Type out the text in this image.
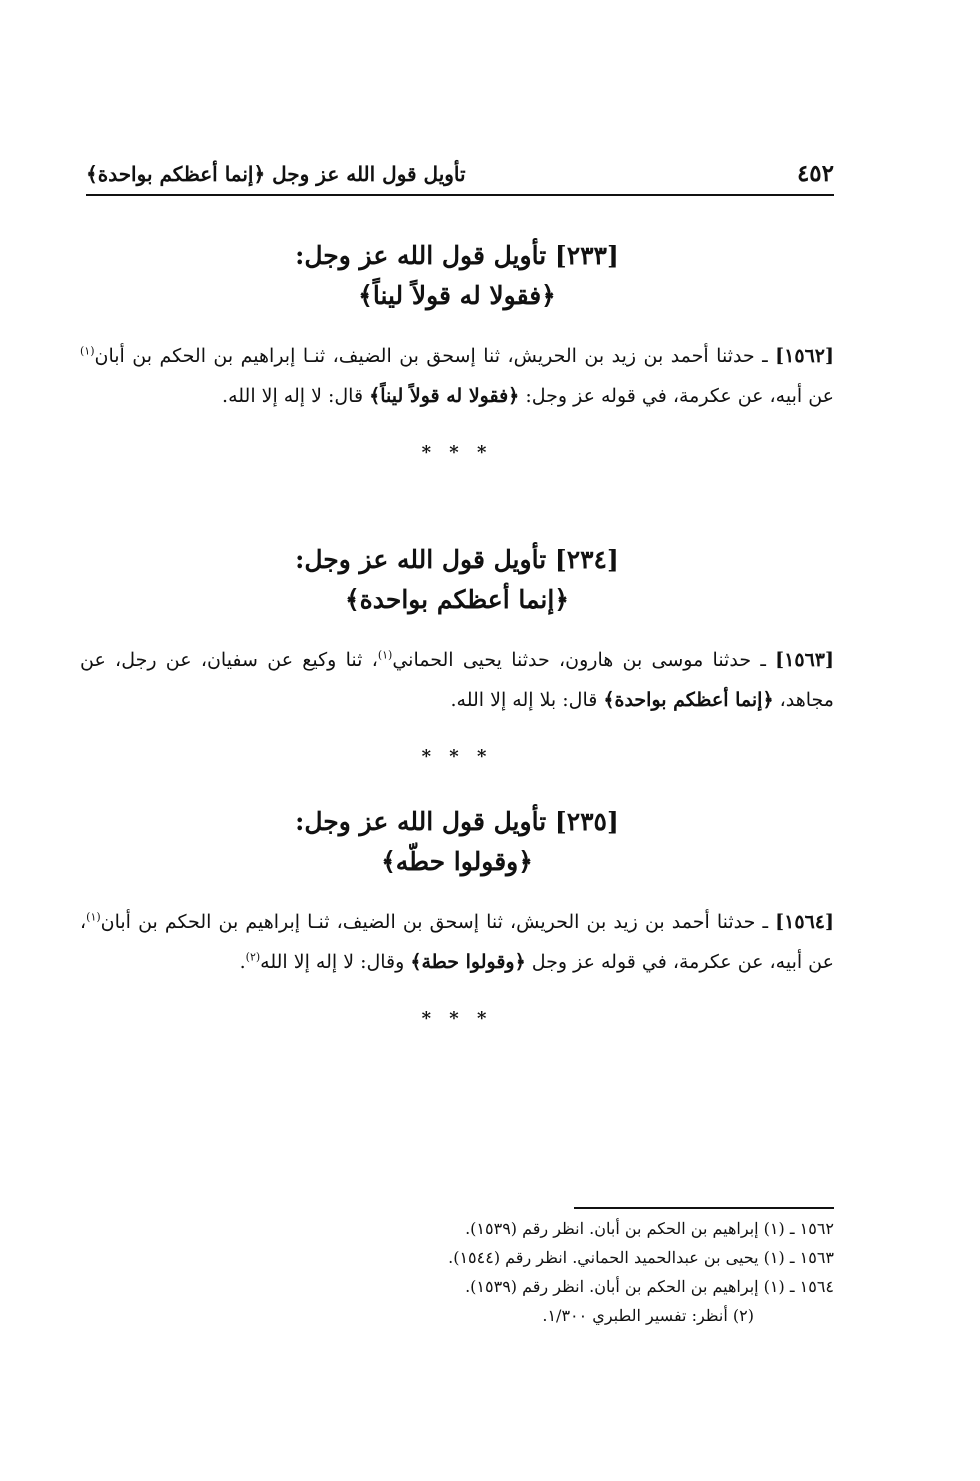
٤٥٢
تأويل قول الله عز وجل ﴿إنما أعظكم بواحدة﴾
[٢٣٣] تأويل قول الله عز وجل:
﴿فقولا له قولاً ليناً﴾
[١٥٦٢] ـ حدثنا أحمد بن زيد بن الحريش، ثنا إسحق بن الضيف، ثنـا إبراهيم بن الحكم بن أبان$^{(١)}$ عن أبيه، عن عكرمة، في قوله عز وجل: ﴿فقولا له قولاً ليناً﴾ قال: لا إله إلا الله.
* * *
[٢٣٤] تأويل قول الله عز وجل:
﴿إنما أعظكم بواحدة﴾
[١٥٦٣] ـ حدثنا موسى بن هارون، حدثنا يحيى الحماني$^{(١)}$، ثنا وكيع عن سفيان، عن رجل، عن مجاهد، ﴿إنما أعظكم بواحدة﴾ قال: بلا إله إلا الله.
* * *
[٢٣٥] تأويل قول الله عز وجل:
﴿وقولوا حطّه﴾
[١٥٦٤] ـ حدثنا أحمد بن زيد بن الحريش، ثنا إسحق بن الضيف، ثنـا إبراهيم بن الحكم بن أبان$^{(١)}$، عن أبيه، عن عكرمة، في قوله عز وجل ﴿وقولوا حطة﴾ وقال: لا إله إلا الله$^{(٢)}$.
* * *
١٥٦٢ ـ (١) إبراهيم بن الحكم بن أبان. انظر رقم (١٥٣٩).
١٥٦٣ ـ (١) يحيى بن عبدالحميد الحماني. انظر رقم (١٥٤٤).
١٥٦٤ ـ (١) إبراهيم بن الحكم بن أبان. انظر رقم (١٥٣٩).
(٢) أنظر: تفسير الطبري ١/٣٠٠.
